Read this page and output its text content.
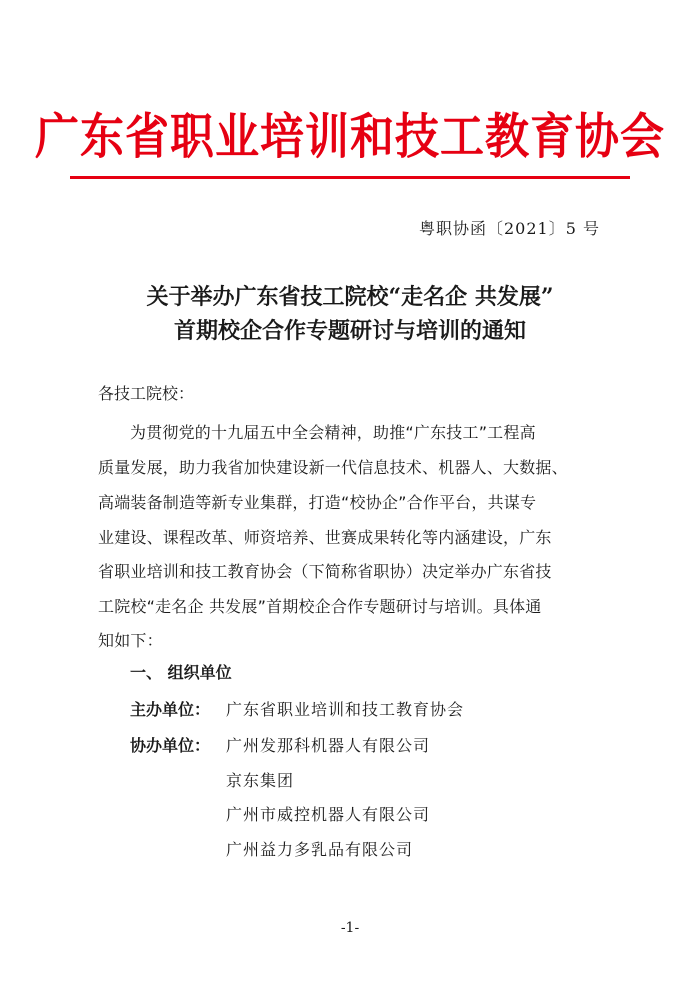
广东省职业培训和技工教育协会
粤职协函〔2021〕5 号
关于举办广东省技工院校“走名企 共发展”
首期校企合作专题研讨与培训的通知
各技工院校：
为贯彻党的十九届五中全会精神，助推“广东技工”工程高
质量发展，助力我省加快建设新一代信息技术、机器人、大数据、
高端装备制造等新专业集群，打造“校协企”合作平台，共谋专
业建设、课程改革、师资培养、世赛成果转化等内涵建设，广东
省职业培训和技工教育协会（下简称省职协）决定举办广东省技
工院校“走名企 共发展”首期校企合作专题研讨与培训。具体通
知如下：
一、 组织单位
主办单位： 广东省职业培训和技工教育协会
协办单位： 广州发那科机器人有限公司
京东集团
广州市威控机器人有限公司
广州益力多乳品有限公司
-1-
